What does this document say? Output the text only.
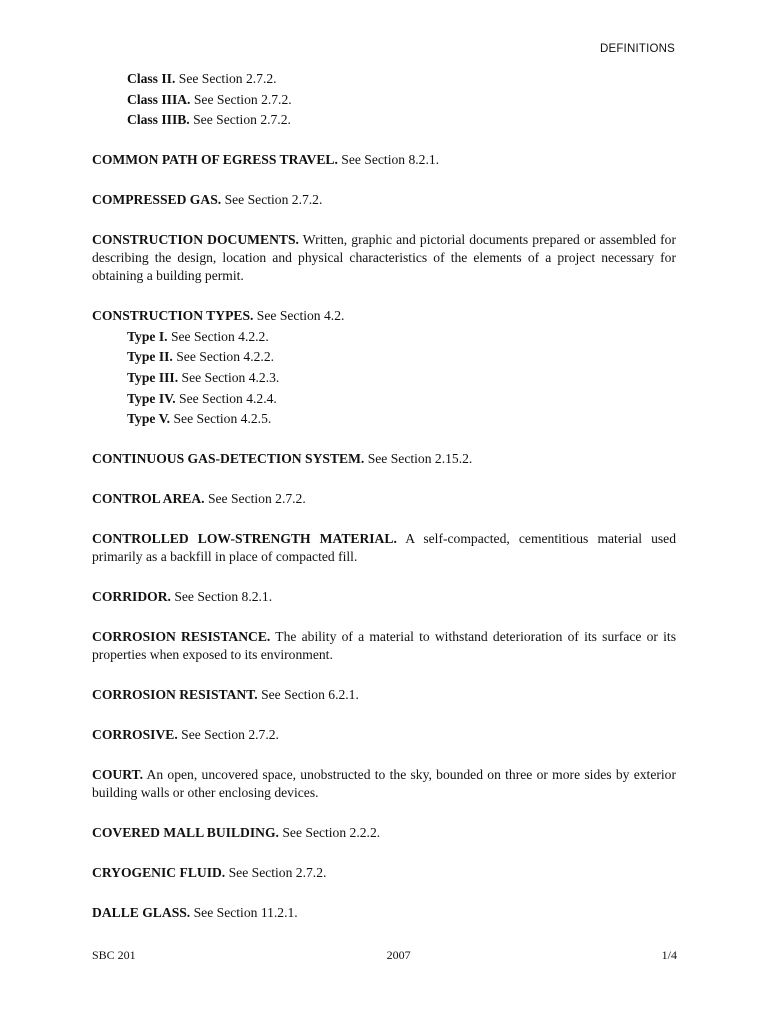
DEFINITIONS

Class II. See Section 2.7.2.

Class IIIA. See Section 2.7.2.

Class IIIB. See Section 2.7.2.

COMMON PATH OF EGRESS TRAVEL. See Section 8.2.1.

COMPRESSED GAS. See Section 2.7.2.

CONSTRUCTION DOCUMENTS. Written, graphic and pictorial documents prepared or assembled for describing the design, location and physical characteristics of the elements of a project necessary for obtaining a building permit.

CONSTRUCTION TYPES. See Section 4.2.

Type I. See Section 4.2.2.

Type II. See Section 4.2.2.

Type III. See Section 4.2.3.

Type IV. See Section 4.2.4.

Type V. See Section 4.2.5.

CONTINUOUS GAS-DETECTION SYSTEM. See Section 2.15.2.

CONTROL AREA. See Section 2.7.2.

CONTROLLED LOW-STRENGTH MATERIAL. A self-compacted, cementitious material used primarily as a backfill in place of compacted fill.

CORRIDOR. See Section 8.2.1.

CORROSION RESISTANCE. The ability of a material to withstand deterioration of its surface or its properties when exposed to its environment.

CORROSION RESISTANT. See Section 6.2.1.

CORROSIVE. See Section 2.7.2.

COURT. An open, uncovered space, unobstructed to the sky, bounded on three or more sides by exterior building walls or other enclosing devices.

COVERED MALL BUILDING. See Section 2.2.2.

CRYOGENIC FLUID. See Section 2.7.2.

DALLE GLASS. See Section 11.2.1.

SBC 201	2007	1/4
